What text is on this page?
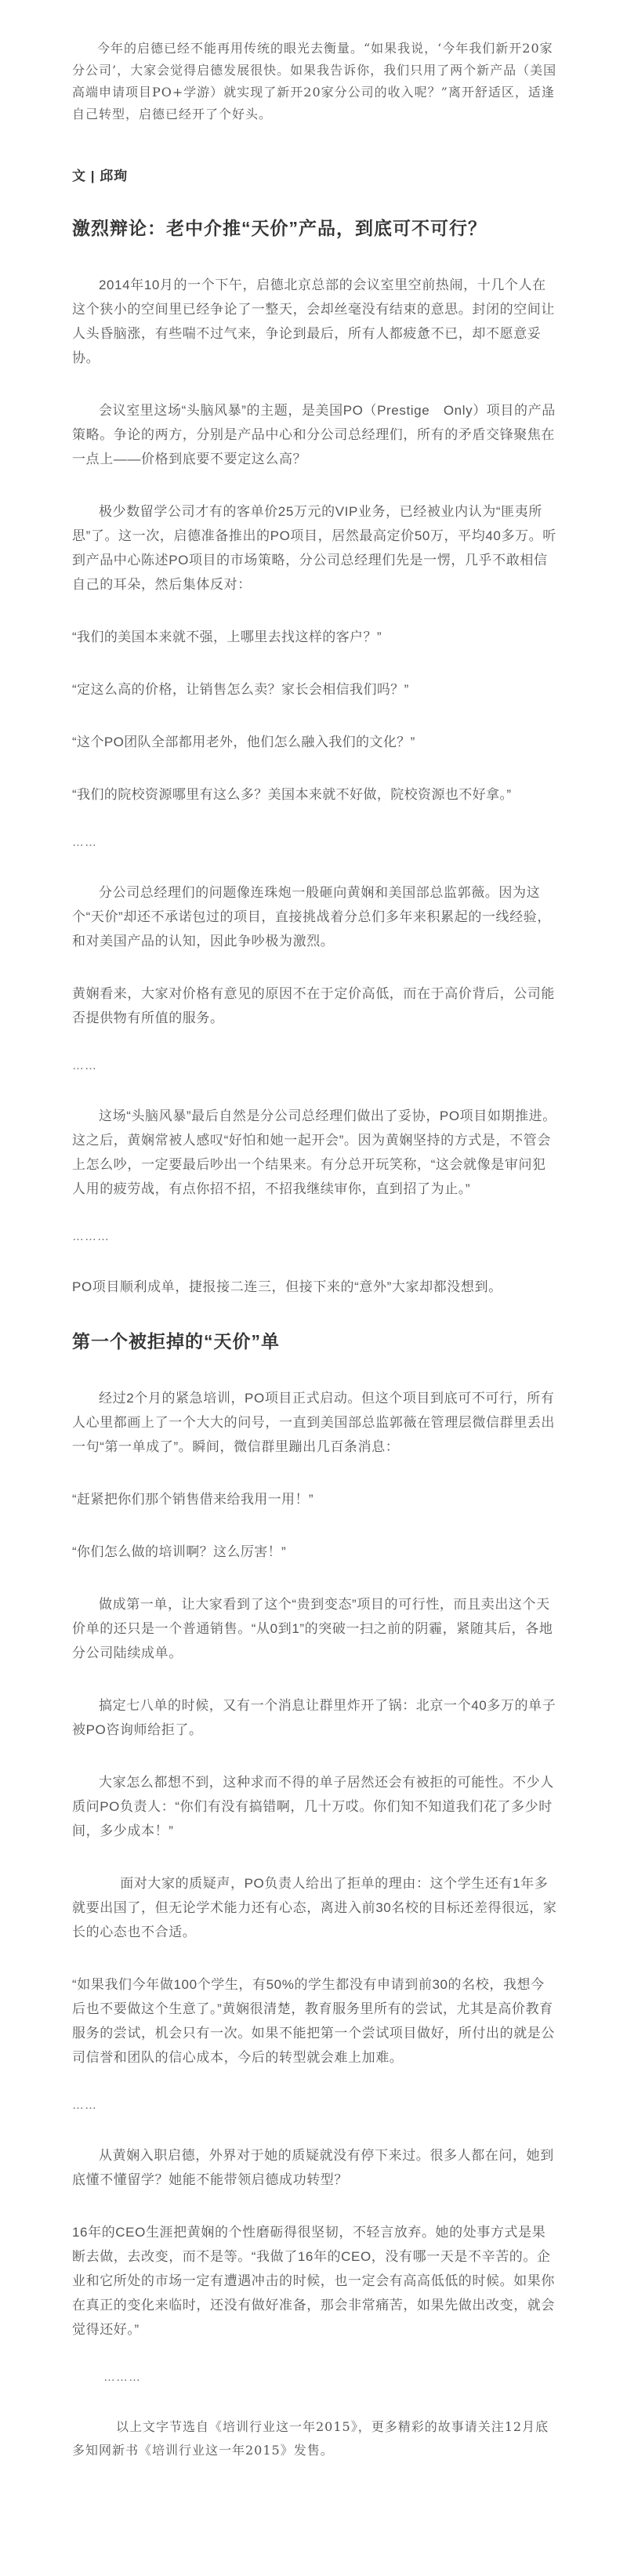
今年的启德已经不能再用传统的眼光去衡量。“如果我说，‘今年我们新开20家分公司’，大家会觉得启德发展很快。如果我告诉你，我们只用了两个新产品（美国高端申请项目PO+学游）就实现了新开20家分公司的收入呢？”离开舒适区，适逢自己转型，启德已经开了个好头。

文 | 邱珣
激烈辩论：老中介推“天价”产品，到底可不可行？

2014年10月的一个下午，启德北京总部的会议室里空前热闹，十几个人在这个狭小的空间里已经争论了一整天，会却丝毫没有结束的意思。封闭的空间让人头昏脑涨，有些喘不过气来，争论到最后，所有人都疲惫不已，却不愿意妥协。

会议室里这场“头脑风暴”的主题，是美国PO（Prestige　Only）项目的产品策略。争论的两方，分别是产品中心和分公司总经理们，所有的矛盾交锋聚焦在一点上——价格到底要不要定这么高？

极少数留学公司才有的客单价25万元的VIP业务，已经被业内认为“匪夷所思”了。这一次，启德准备推出的PO项目，居然最高定价50万，平均40多万。听到产品中心陈述PO项目的市场策略，分公司总经理们先是一愣，几乎不敢相信自己的耳朵，然后集体反对：

“我们的美国本来就不强，上哪里去找这样的客户？”

“定这么高的价格，让销售怎么卖？家长会相信我们吗？”

“这个PO团队全部都用老外，他们怎么融入我们的文化？”

“我们的院校资源哪里有这么多？美国本来就不好做，院校资源也不好拿。”

……

分公司总经理们的问题像连珠炮一般砸向黄娴和美国部总监郭薇。因为这个“天价”却还不承诺包过的项目，直接挑战着分总们多年来积累起的一线经验，和对美国产品的认知，因此争吵极为激烈。

黄娴看来，大家对价格有意见的原因不在于定价高低，而在于高价背后，公司能否提供物有所值的服务。

……

这场“头脑风暴”最后自然是分公司总经理们做出了妥协，PO项目如期推进。这之后，黄娴常被人感叹“好怕和她一起开会”。因为黄娴坚持的方式是，不管会上怎么吵，一定要最后吵出一个结果来。有分总开玩笑称，“这会就像是审问犯人用的疲劳战，有点你招不招，不招我继续审你，直到招了为止。”

………

PO项目顺利成单，捷报接二连三，但接下来的“意外”大家却都没想到。

第一个被拒掉的“天价”单

经过2个月的紧急培训，PO项目正式启动。但这个项目到底可不可行，所有人心里都画上了一个大大的问号，一直到美国部总监郭薇在管理层微信群里丢出一句“第一单成了”。瞬间，微信群里蹦出几百条消息：

“赶紧把你们那个销售借来给我用一用！”

“你们怎么做的培训啊？这么厉害！”

做成第一单，让大家看到了这个“贵到变态”项目的可行性，而且卖出这个天价单的还只是一个普通销售。“从0到1”的突破一扫之前的阴霾，紧随其后，各地分公司陆续成单。

搞定七八单的时候，又有一个消息让群里炸开了锅：北京一个40多万的单子被PO咨询师给拒了。

大家怎么都想不到，这种求而不得的单子居然还会有被拒的可能性。不少人质问PO负责人：“你们有没有搞错啊，几十万哎。你们知不知道我们花了多少时间，多少成本！”

面对大家的质疑声，PO负责人给出了拒单的理由：这个学生还有1年多就要出国了，但无论学术能力还有心态，离进入前30名校的目标还差得很远，家长的心态也不合适。

“如果我们今年做100个学生，有50%的学生都没有申请到前30的名校，我想今后也不要做这个生意了。”黄娴很清楚，教育服务里所有的尝试，尤其是高价教育服务的尝试，机会只有一次。如果不能把第一个尝试项目做好，所付出的就是公司信誉和团队的信心成本，今后的转型就会难上加难。

……

从黄娴入职启德，外界对于她的质疑就没有停下来过。很多人都在问，她到底懂不懂留学？她能不能带领启德成功转型？

16年的CEO生涯把黄娴的个性磨砺得很坚韧，不轻言放弃。她的处事方式是果断去做，去改变，而不是等。“我做了16年的CEO，没有哪一天是不辛苦的。企业和它所处的市场一定有遭遇冲击的时候，也一定会有高高低低的时候。如果你在真正的变化来临时，还没有做好准备，那会非常痛苦，如果先做出改变，就会觉得还好。”

………

以上文字节选自《培训行业这一年2015》，更多精彩的故事请关注12月底多知网新书《培训行业这一年2015》发售。
